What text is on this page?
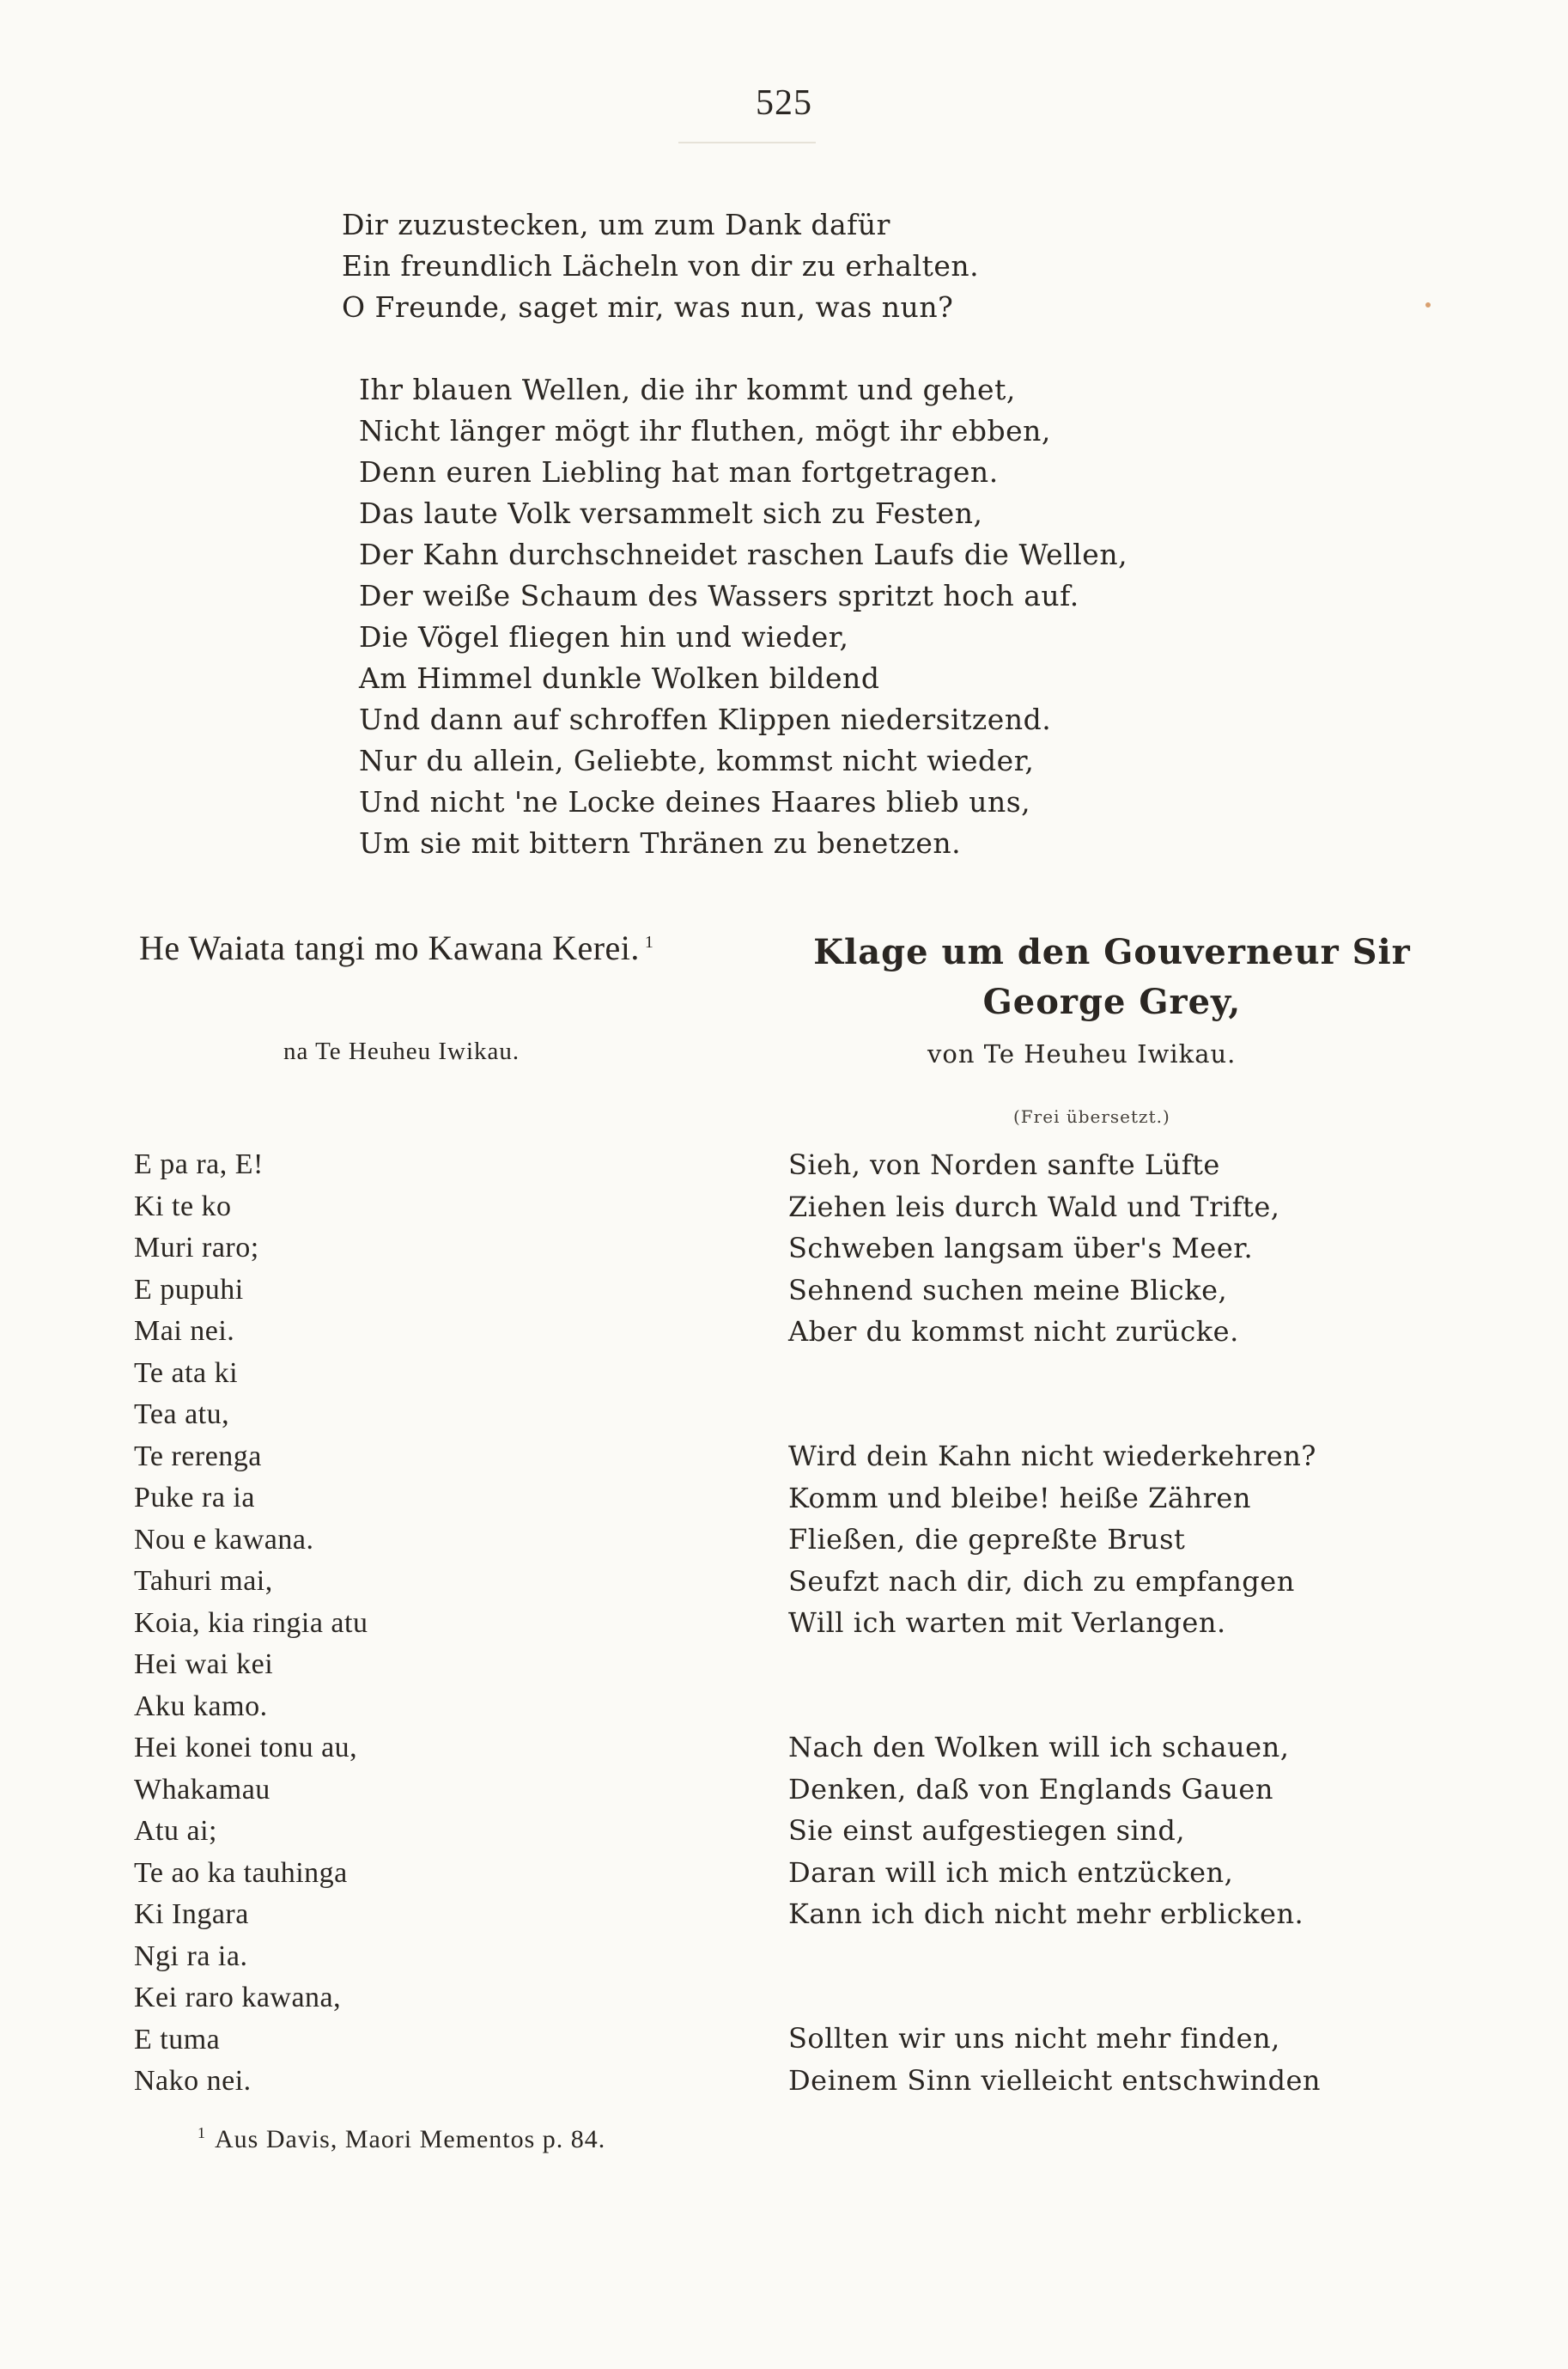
525
Dir zuzustecken, um zum Dank dafür
Ein freundlich Lächeln von dir zu erhalten.
O Freunde, saget mir, was nun, was nun?
Ihr blauen Wellen, die ihr kommt und gehet,
Nicht länger mögt ihr fluthen, mögt ihr ebben,
Denn euren Liebling hat man fortgetragen.
Das laute Volk versammelt sich zu Festen,
Der Kahn durchschneidet raschen Laufs die Wellen,
Der weiße Schaum des Wassers spritzt hoch auf.
Die Vögel fliegen hin und wieder,
Am Himmel dunkle Wolken bildend
Und dann auf schroffen Klippen niedersitzend.
Nur du allein, Geliebte, kommst nicht wieder,
Und nicht 'ne Locke deines Haares blieb uns,
Um sie mit bittern Thränen zu benetzen.
He Waiata tangi mo Kawana Kerei. $^1$	Klage um den Gouverneur Sir George Grey,
na Te Heuheu Iwikau.	von Te Heuheu Iwikau.
(Frei übersetzt.)
E pa ra, E!
Ki te ko
Muri raro;
E pupuhi
Mai nei.
Te ata ki
Tea atu,
Te rerenga
Puke ra ia
Nou e kawana.
Tahuri mai,
Koia, kia ringia atu
Hei wai kei
Aku kamo.
Hei konei tonu au,
Whakamau
Atu ai;
Te ao ka tauhinga
Ki Ingara
Ngi ra ia.
Kei raro kawana,
E tuma
Nako nei.
Sieh, von Norden sanfte Lüfte
Ziehen leis durch Wald und Trifte,
Schweben langsam über's Meer.
Sehnend suchen meine Blicke,
Aber du kommst nicht zurücke.
Wird dein Kahn nicht wiederkehren?
Komm und bleibe! heiße Zähren
Fließen, die gepreßte Brust
Seufzt nach dir, dich zu empfangen
Will ich warten mit Verlangen.
Nach den Wolken will ich schauen,
Denken, daß von Englands Gauen
Sie einst aufgestiegen sind,
Daran will ich mich entzücken,
Kann ich dich nicht mehr erblicken.
Sollten wir uns nicht mehr finden,
Deinem Sinn vielleicht entschwinden
$^1$ Aus Davis, Maori Mementos p. 84.
